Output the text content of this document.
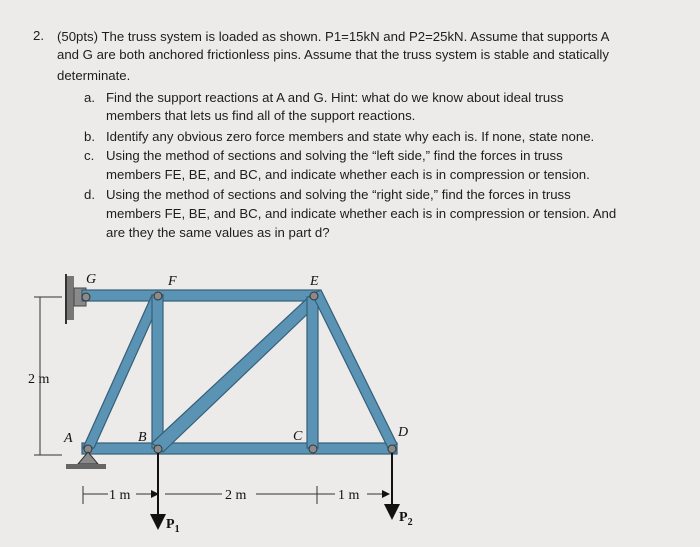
2. (50pts) The truss system is loaded as shown. P1=15kN and P2=25kN. Assume that supports A
and G are both anchored frictionless pins. Assume that the truss system is stable and statically
determinate.
a. Find the support reactions at A and G. Hint: what do we know about ideal truss
members that lets us find all of the support reactions.
b. Identify any obvious zero force members and state why each is. If none, state none.
c. Using the method of sections and solving the “left side,” find the forces in truss
members FE, BE, and BC, and indicate whether each is in compression or tension.
d. Using the method of sections and solving the “right side,” find the forces in truss
members FE, BE, and BC, and indicate whether each is in compression or tension. And
are they the same values as in part d?
G	F	E
A	B	C	D
2 m
1 m	2 m	1 m
$P_1$
$P_2$
